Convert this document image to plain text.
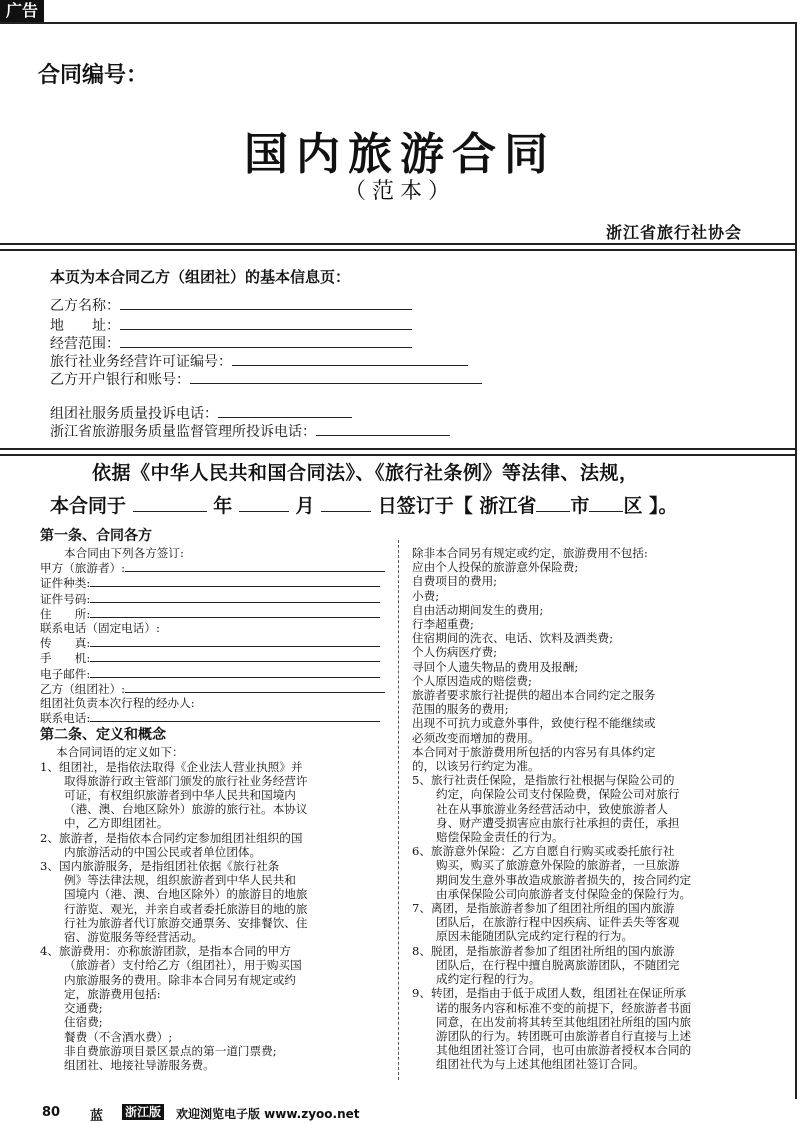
广告
合同编号：
国内旅游合同
（范本）
浙江省旅行社协会
本页为本合同乙方（组团社）的基本信息页：
乙方名称：
地　　址：
经营范围：
旅行社业务经营许可证编号：
乙方开户银行和账号：
组团社服务质量投诉电话：
浙江省旅游服务质量监督管理所投诉电话：
依据《中华人民共和国合同法》、《旅行社条例》等法律、法规，
本合同于	年	月	日签订于【 浙江省 市 区 】。
第一条、合同各方
本合同由下列各方签订:
甲方（旅游者）:
证件种类:
证件号码:
住　　所:
联系电话（固定电话）:
传　　真:
手　　机:
电子邮件:
乙方（组团社）:
组团社负责本次行程的经办人:
联系电话:
第二条、定义和概念
本合同词语的定义如下：
1、组团社，是指依法取得《企业法人营业执照》并
取得旅游行政主管部门颁发的旅行社业务经营许
可证，有权组织旅游者到中华人民共和国境内
（港、澳、台地区除外）旅游的旅行社。本协议
中，乙方即组团社。
2、旅游者，是指依本合同约定参加组团社组织的国
内旅游活动的中国公民或者单位团体。
3、国内旅游服务，是指组团社依据《旅行社条
例》等法律法规，组织旅游者到中华人民共和
国境内（港、澳、台地区除外）的旅游目的地旅
行游览、观光，并亲自或者委托旅游目的地的旅
行社为旅游者代订旅游交通票务、安排餐饮、住
宿、游览服务等经营活动。
4、旅游费用：亦称旅游团款，是指本合同的甲方
（旅游者）支付给乙方（组团社），用于购买国
内旅游服务的费用。除非本合同另有规定或约
定，旅游费用包括:
交通费;
住宿费;
餐费（不含酒水费）;
非自费旅游项目景区景点的第一道门票费;
组团社、地接社导游服务费。
除非本合同另有规定或约定，旅游费用不包括:
应由个人投保的旅游意外保险费;
自费项目的费用;
小费;
自由活动期间发生的费用;
行李超重费;
住宿期间的洗衣、电话、饮料及酒类费;
个人伤病医疗费;
寻回个人遗失物品的费用及报酬;
个人原因造成的赔偿费;
旅游者要求旅行社提供的超出本合同约定之服务
范围的服务的费用;
出现不可抗力或意外事件，致使行程不能继续或
必须改变而增加的费用。
本合同对于旅游费用所包括的内容另有具体约定
的，以该另行约定为准。
5、旅行社责任保险，是指旅行社根据与保险公司的
约定，向保险公司支付保险费，保险公司对旅行
社在从事旅游业务经营活动中，致使旅游者人
身、财产遭受损害应由旅行社承担的责任，承担
赔偿保险金责任的行为。
6、旅游意外保险：乙方自愿自行购买或委托旅行社
购买，购买了旅游意外保险的旅游者，一旦旅游
期间发生意外事故造成旅游者损失的，按合同约定
由承保保险公司向旅游者支付保险金的保险行为。
7、离团，是指旅游者参加了组团社所组的国内旅游
团队后，在旅游行程中因疾病、证件丢失等客观
原因未能随团队完成约定行程的行为。
8、脱团，是指旅游者参加了组团社所组的国内旅游
团队后，在行程中擅自脱离旅游团队，不随团完
成约定行程的行为。
9、转团，是指由于低于成团人数，组团社在保证所承
诺的服务内容和标准不变的前提下，经旅游者书面
同意，在出发前将其转至其他组团社所组的国内旅
游团队的行为。转团既可由旅游者自行直接与上述
其他组团社签订合同，也可由旅游者授权本合同的
组团社代为与上述其他组团社签订合同。
80 蓝 浙江版 欢迎浏览电子版 www.zyoo.net
